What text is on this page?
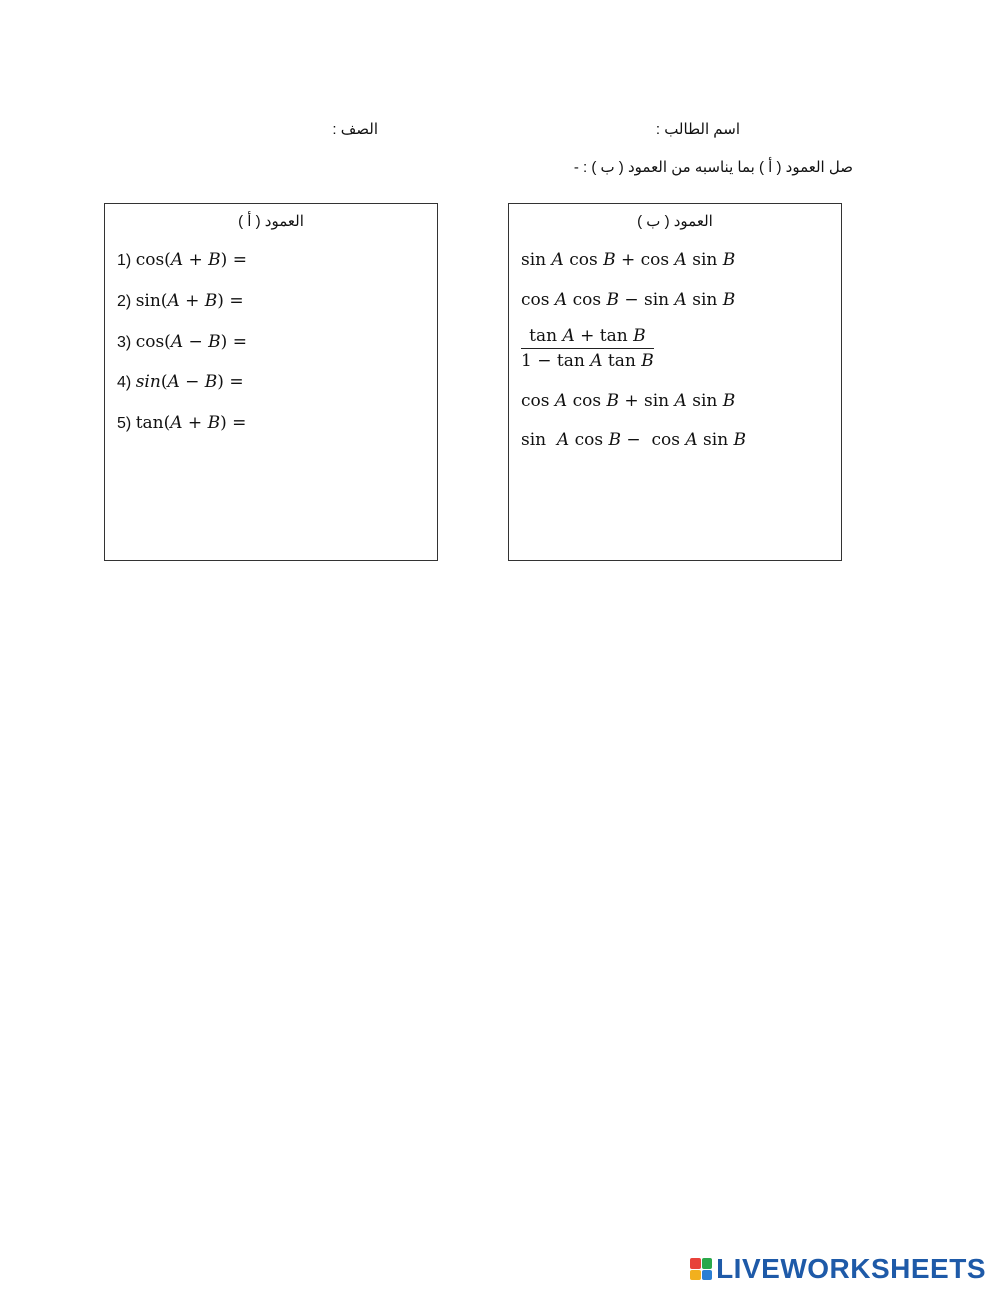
اسم الطالب :
الصف :
صل العمود ( أ ) بما يناسبه من العمود ( ب ) : -
العمود ( أ )
1) cos(A + B) =
2) sin(A + B) =
3) cos(A − B) =
4) sin(A − B) =
5) tan(A + B) =
العمود ( ب )
sin A cos B + cos A sin B
cos A cos B − sin A sin B
$\frac{\text{tan A + tan B}}{\text{1 − tan A tan B}}$
cos A cos B + sin A sin B
sin  A cos B −  cos A sin B
LIVEWORKSHEETS
